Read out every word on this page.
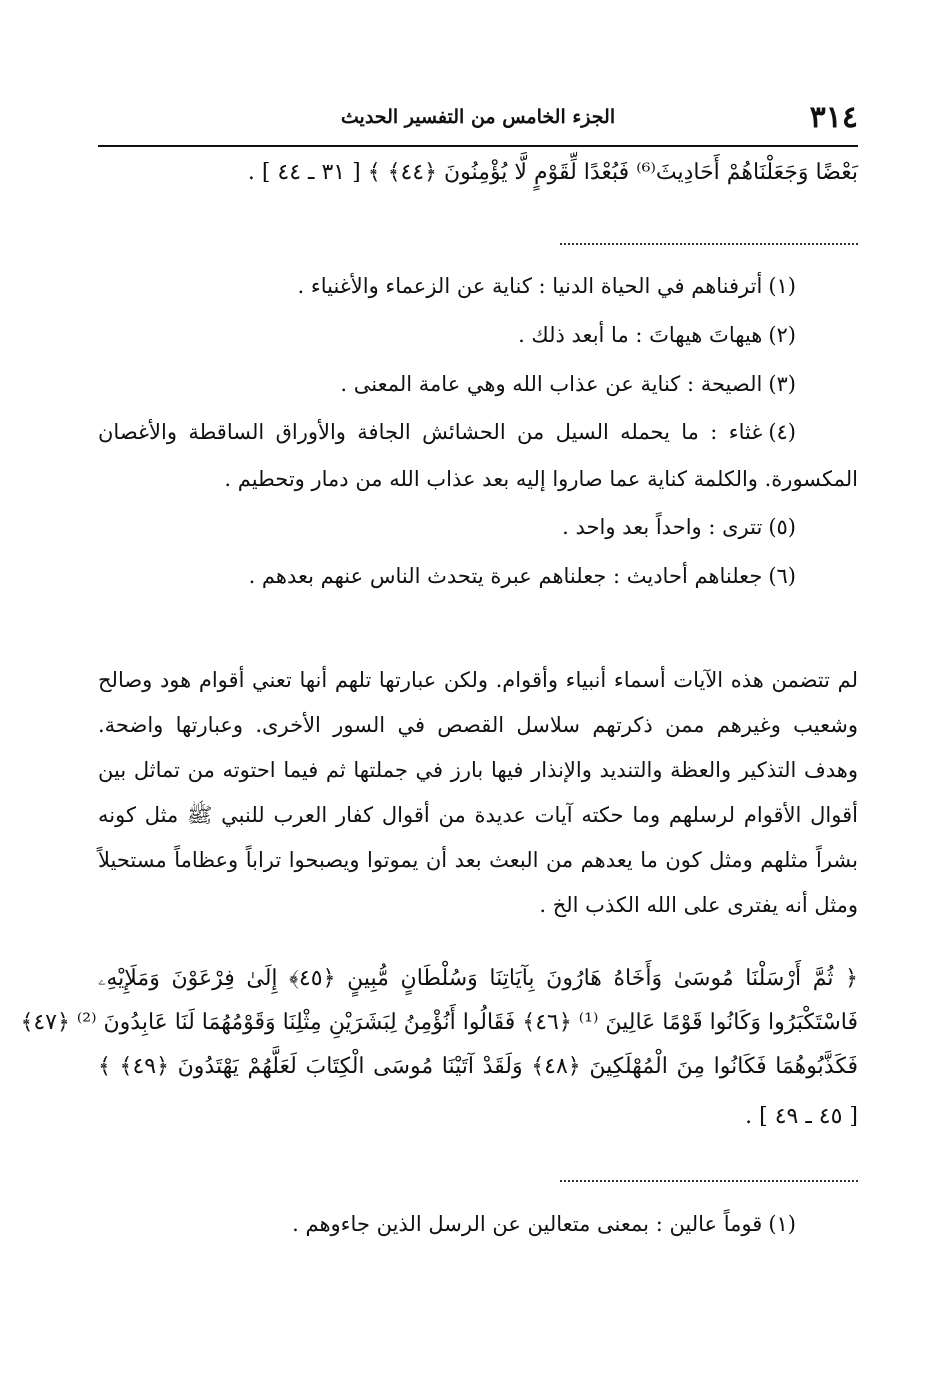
٣١٤
الجزء الخامس من التفسير الحديث
بَعْضًا وَجَعَلْنَاهُمْ أَحَادِيثَ⁽⁶⁾ فَبُعْدًا لِّقَوْمٍ لَّا يُؤْمِنُونَ ﴿٤٤﴾ ﴾ [ ٣١ ـ ٤٤ ] .

(١)أترفناهم في الحياة الدنيا : كناية عن الزعماء والأغنياء .

(٢)هيهاتَ هيهاتَ : ما أبعد ذلك .

(٣)الصيحة : كناية عن عذاب الله وهي عامة المعنى .

(٤)غثاء : ما يحمله السيل من الحشائش الجافة والأوراق الساقطة والأغصان المكسورة. والكلمة كناية عما صاروا إليه بعد عذاب الله من دمار وتحطيم .

(٥)تترى : واحداً بعد واحد .

(٦)جعلناهم أحاديث : جعلناهم عبرة يتحدث الناس عنهم بعدهم .

لم تتضمن هذه الآيات أسماء أنبياء وأقوام. ولكن عبارتها تلهم أنها تعني أقوام هود وصالح وشعيب وغيرهم ممن ذكرتهم سلاسل القصص في السور الأخرى. وعبارتها واضحة. وهدف التذكير والعظة والتنديد والإنذار فيها بارز في جملتها ثم فيما احتوته من تماثل بين أقوال الأقوام لرسلهم وما حكته آيات عديدة من أقوال كفار العرب للنبي ﷺ مثل كونه بشراً مثلهم ومثل كون ما يعدهم من البعث بعد أن يموتوا ويصبحوا تراباً وعظاماً مستحيلاً ومثل أنه يفترى على الله الكذب الخ .

﴿ ثُمَّ أَرْسَلْنَا مُوسَىٰ وَأَخَاهُ هَارُونَ بِآيَاتِنَا وَسُلْطَانٍ مُّبِينٍ ﴿٤٥﴾ إِلَىٰ فِرْعَوْنَ وَمَلَإِيْهِۦ
فَاسْتَكْبَرُوا وَكَانُوا قَوْمًا عَالِينَ ⁽¹⁾ ﴿٤٦﴾ فَقَالُوا أَنُؤْمِنُ لِبَشَرَيْنِ مِثْلِنَا وَقَوْمُهُمَا لَنَا عَابِدُونَ ⁽²⁾ ﴿٤٧﴾
فَكَذَّبُوهُمَا فَكَانُوا مِنَ الْمُهْلَكِينَ ﴿٤٨﴾ وَلَقَدْ آتَيْنَا مُوسَى الْكِتَابَ لَعَلَّهُمْ يَهْتَدُونَ ﴿٤٩﴾ ﴾
[ ٤٥ ـ ٤٩ ] .

(١)قوماً عالين : بمعنى متعالين عن الرسل الذين جاءوهم .
